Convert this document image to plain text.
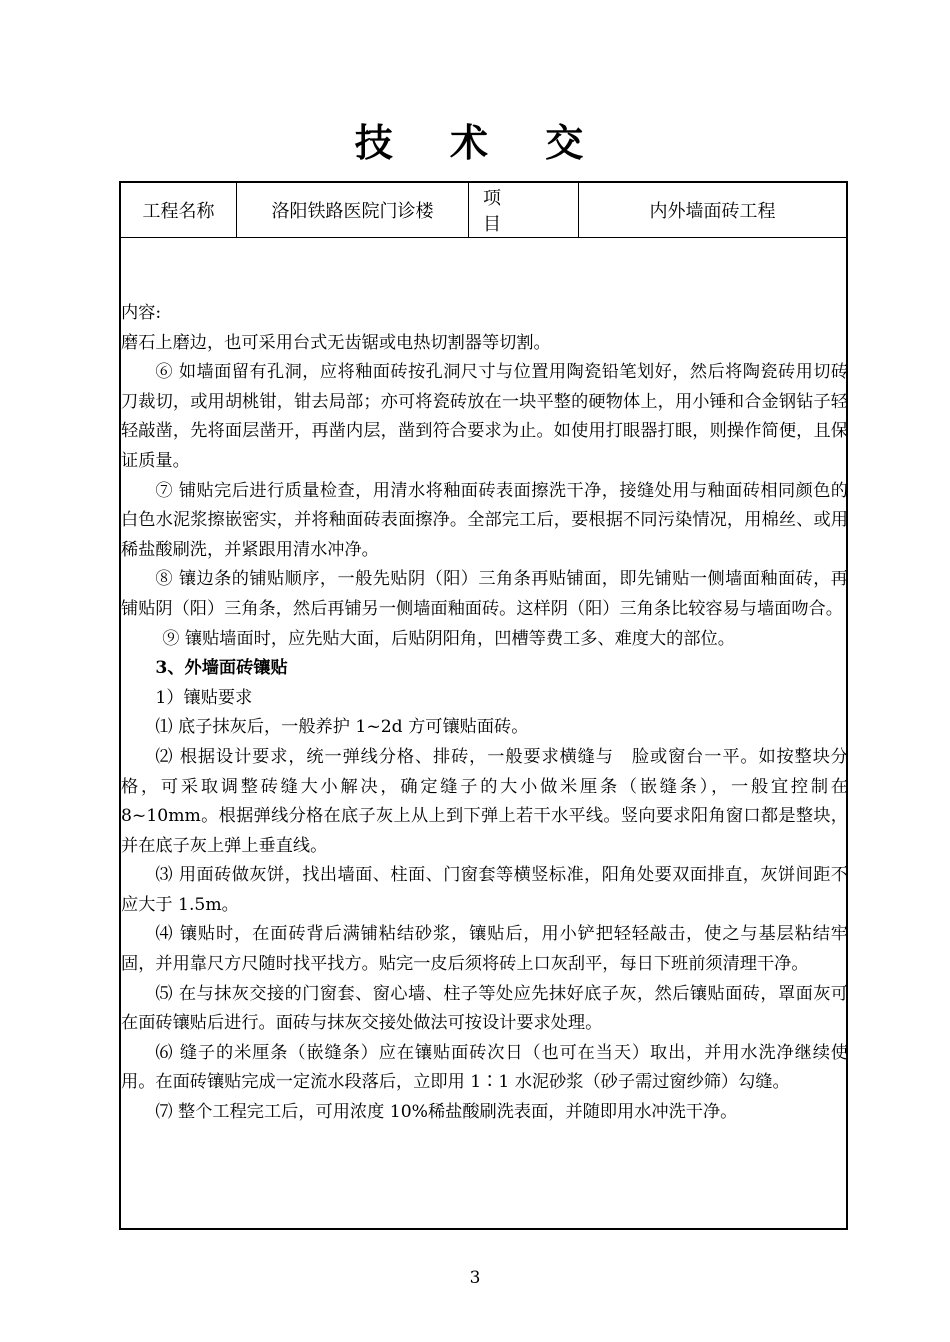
技 术 交
工程名称	洛阳铁路医院门诊楼
项 目
内外墙面砖工程

内容:

磨石上磨边，也可采用台式无齿锯或电热切割器等切割。

⑥ 如墙面留有孔洞，应将釉面砖按孔洞尺寸与位置用陶瓷铅笔划好，然后将陶瓷砖用切砖刀裁切，或用胡桃钳，钳去局部；亦可将瓷砖放在一块平整的硬物体上，用小锤和合金钢钻子轻轻敲凿，先将面层凿开，再凿内层，凿到符合要求为止。如使用打眼器打眼，则操作简便，且保证质量。

⑦ 铺贴完后进行质量检查，用清水将釉面砖表面擦洗干净，接缝处用与釉面砖相同颜色的白色水泥浆擦嵌密实，并将釉面砖表面擦净。全部完工后，要根据不同污染情况，用棉丝、或用稀盐酸刷洗，并紧跟用清水冲净。

⑧ 镶边条的铺贴顺序，一般先贴阴（阳）三角条再贴铺面，即先铺贴一侧墙面釉面砖，再铺贴阴（阳）三角条，然后再铺另一侧墙面釉面砖。这样阴（阳）三角条比较容易与墙面吻合。

⑨ 镶贴墙面时，应先贴大面，后贴阴阳角，凹槽等费工多、难度大的部位。

3、外墙面砖镶贴

1）镶贴要求

⑴ 底子抹灰后，一般养护 1~2d 方可镶贴面砖。

⑵ 根据设计要求，统一弹线分格、排砖，一般要求横缝与　脸或窗台一平。如按整块分格，可采取调整砖缝大小解决，确定缝子的大小做米厘条（嵌缝条），一般宜控制在 8~10mm。根据弹线分格在底子灰上从上到下弹上若干水平线。竖向要求阳角窗口都是整块，并在底子灰上弹上垂直线。

⑶ 用面砖做灰饼，找出墙面、柱面、门窗套等横竖标准，阳角处要双面排直，灰饼间距不应大于 1.5m。

⑷ 镶贴时，在面砖背后满铺粘结砂浆，镶贴后，用小铲把轻轻敲击，使之与基层粘结牢固，并用靠尺方尺随时找平找方。贴完一皮后须将砖上口灰刮平，每日下班前须清理干净。

⑸ 在与抹灰交接的门窗套、窗心墙、柱子等处应先抹好底子灰，然后镶贴面砖，罩面灰可在面砖镶贴后进行。面砖与抹灰交接处做法可按设计要求处理。

⑹ 缝子的米厘条（嵌缝条）应在镶贴面砖次日（也可在当天）取出，并用水洗净继续使用。在面砖镶贴完成一定流水段落后，立即用 1∶1 水泥砂浆（砂子需过窗纱筛）勾缝。

⑺ 整个工程完工后，可用浓度 10%稀盐酸刷洗表面，并随即用水冲洗干净。

3
